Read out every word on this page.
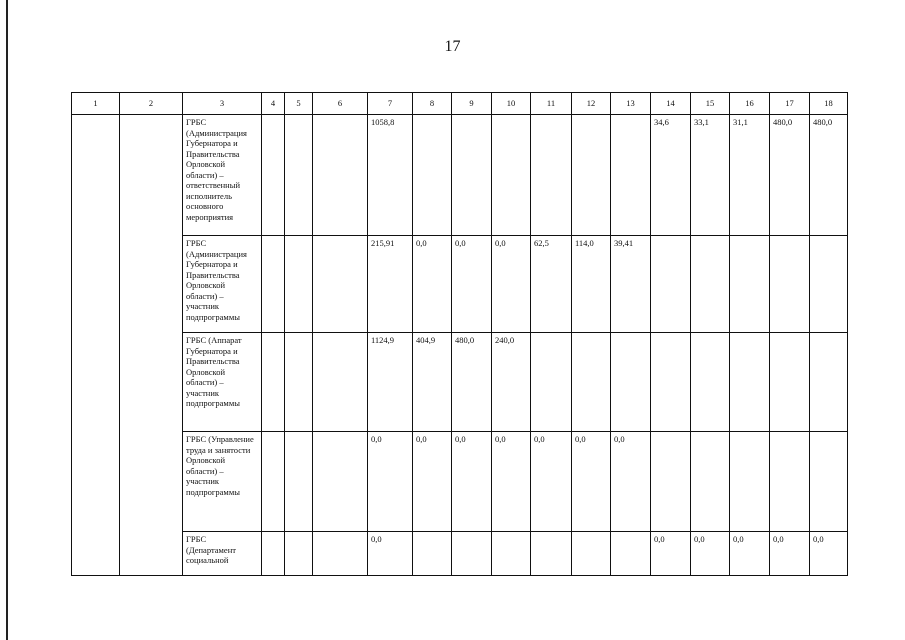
17
1	2	3	4	5	6	7	8	9	10	11	12	13	14	15	16	17	18
		ГРБС (Администрация Губернатора и Правительства Орловской области) – ответственный исполнитель основного мероприятия				1058,8							34,6	33,1	31,1	480,0	480,0
		ГРБС (Администрация Губернатора и Правительства Орловской области) – участник подпрограммы				215,91	0,0	0,0	0,0	62,5	114,0	39,41					
		ГРБС (Аппарат Губернатора и Правительства Орловской области) – участник подпрограммы				1124,9	404,9	480,0	240,0								
		ГРБС (Управление труда и занятости Орловской области) – участник подпрограммы				0,0	0,0	0,0	0,0	0,0	0,0	0,0					
		ГРБС (Департамент социальной				0,0							0,0	0,0	0,0	0,0	0,0
